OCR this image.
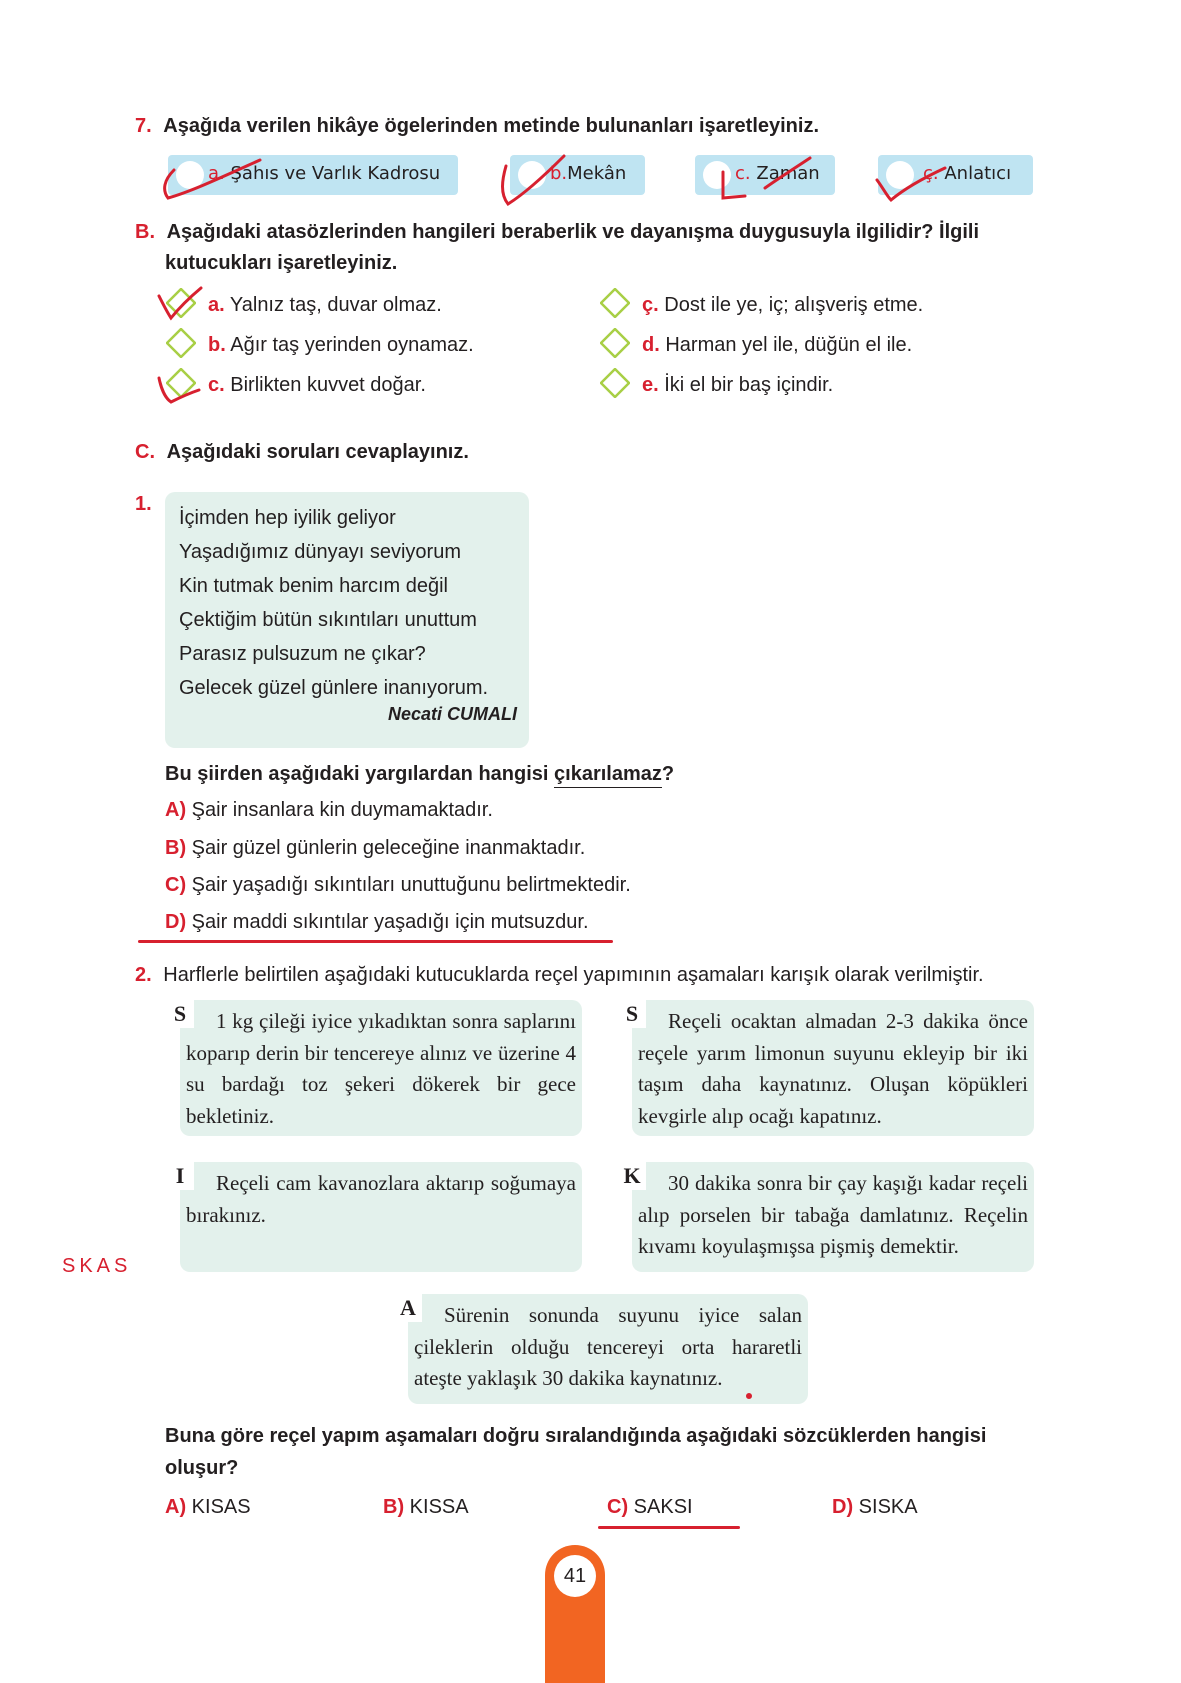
7. Aşağıda verilen hikâye ögelerinden metinde bulunanları işaretleyiniz.
a. Şahıs ve Varlık Kadrosu	b.Mekân	c. Zaman	ç. Anlatıcı
B. Aşağıdaki atasözlerinden hangileri beraberlik ve dayanışma duygusuyla ilgilidir? İlgili
kutucukları işaretleyiniz.
a. Yalnız taş, duvar olmaz.
b. Ağır taş yerinden oynamaz.
c. Birlikten kuvvet doğar.
ç. Dost ile ye, iç; alışveriş etme.
d. Harman yel ile, düğün el ile.
e. İki el bir baş içindir.
C. Aşağıdaki soruları cevaplayınız.
1.
İçimden hep iyilik geliyor
Yaşadığımız dünyayı seviyorum
Kin tutmak benim harcım değil
Çektiğim bütün sıkıntıları unuttum
Parasız pulsuzum ne çıkar?
Gelecek güzel günlere inanıyorum.
Necati CUMALI
Bu şiirden aşağıdaki yargılardan hangisi çıkarılamaz?
A) Şair insanlara kin duymamaktadır.
B) Şair güzel günlerin geleceğine inanmaktadır.
C) Şair yaşadığı sıkıntıları unuttuğunu belirtmektedir.
D) Şair maddi sıkıntılar yaşadığı için mutsuzdur.
2. Harflerle belirtilen aşağıdaki kutucuklarda reçel yapımının aşamaları karışık olarak verilmiştir.
S	1 kg çileği iyice yıkadıktan sonra saplarını koparıp derin bir tencereye alınız ve üzerine 4 su bardağı toz şekeri dökerek bir gece bekletiniz.
S	Reçeli ocaktan almadan 2-3 dakika önce reçele yarım limonun suyunu ekleyip bir iki taşım daha kaynatınız. Oluşan köpükleri kevgirle alıp ocağı kapatınız.
I	Reçeli cam kavanozlara aktarıp soğumaya bırakınız.
K	30 dakika sonra bir çay kaşığı kadar reçeli alıp porselen bir tabağa damlatınız. Reçelin kıvamı koyulaşmışsa pişmiş demektir.
A	Sürenin sonunda suyunu iyice salan çileklerin olduğu tencereyi orta hararetli ateşte yaklaşık 30 dakika kaynatınız.
SKAS
Buna göre reçel yapım aşamaları doğru sıralandığında aşağıdaki sözcüklerden hangisi
oluşur?
A) KISAS	B) KISSA	C) SAKSI	D) SISKA
41
